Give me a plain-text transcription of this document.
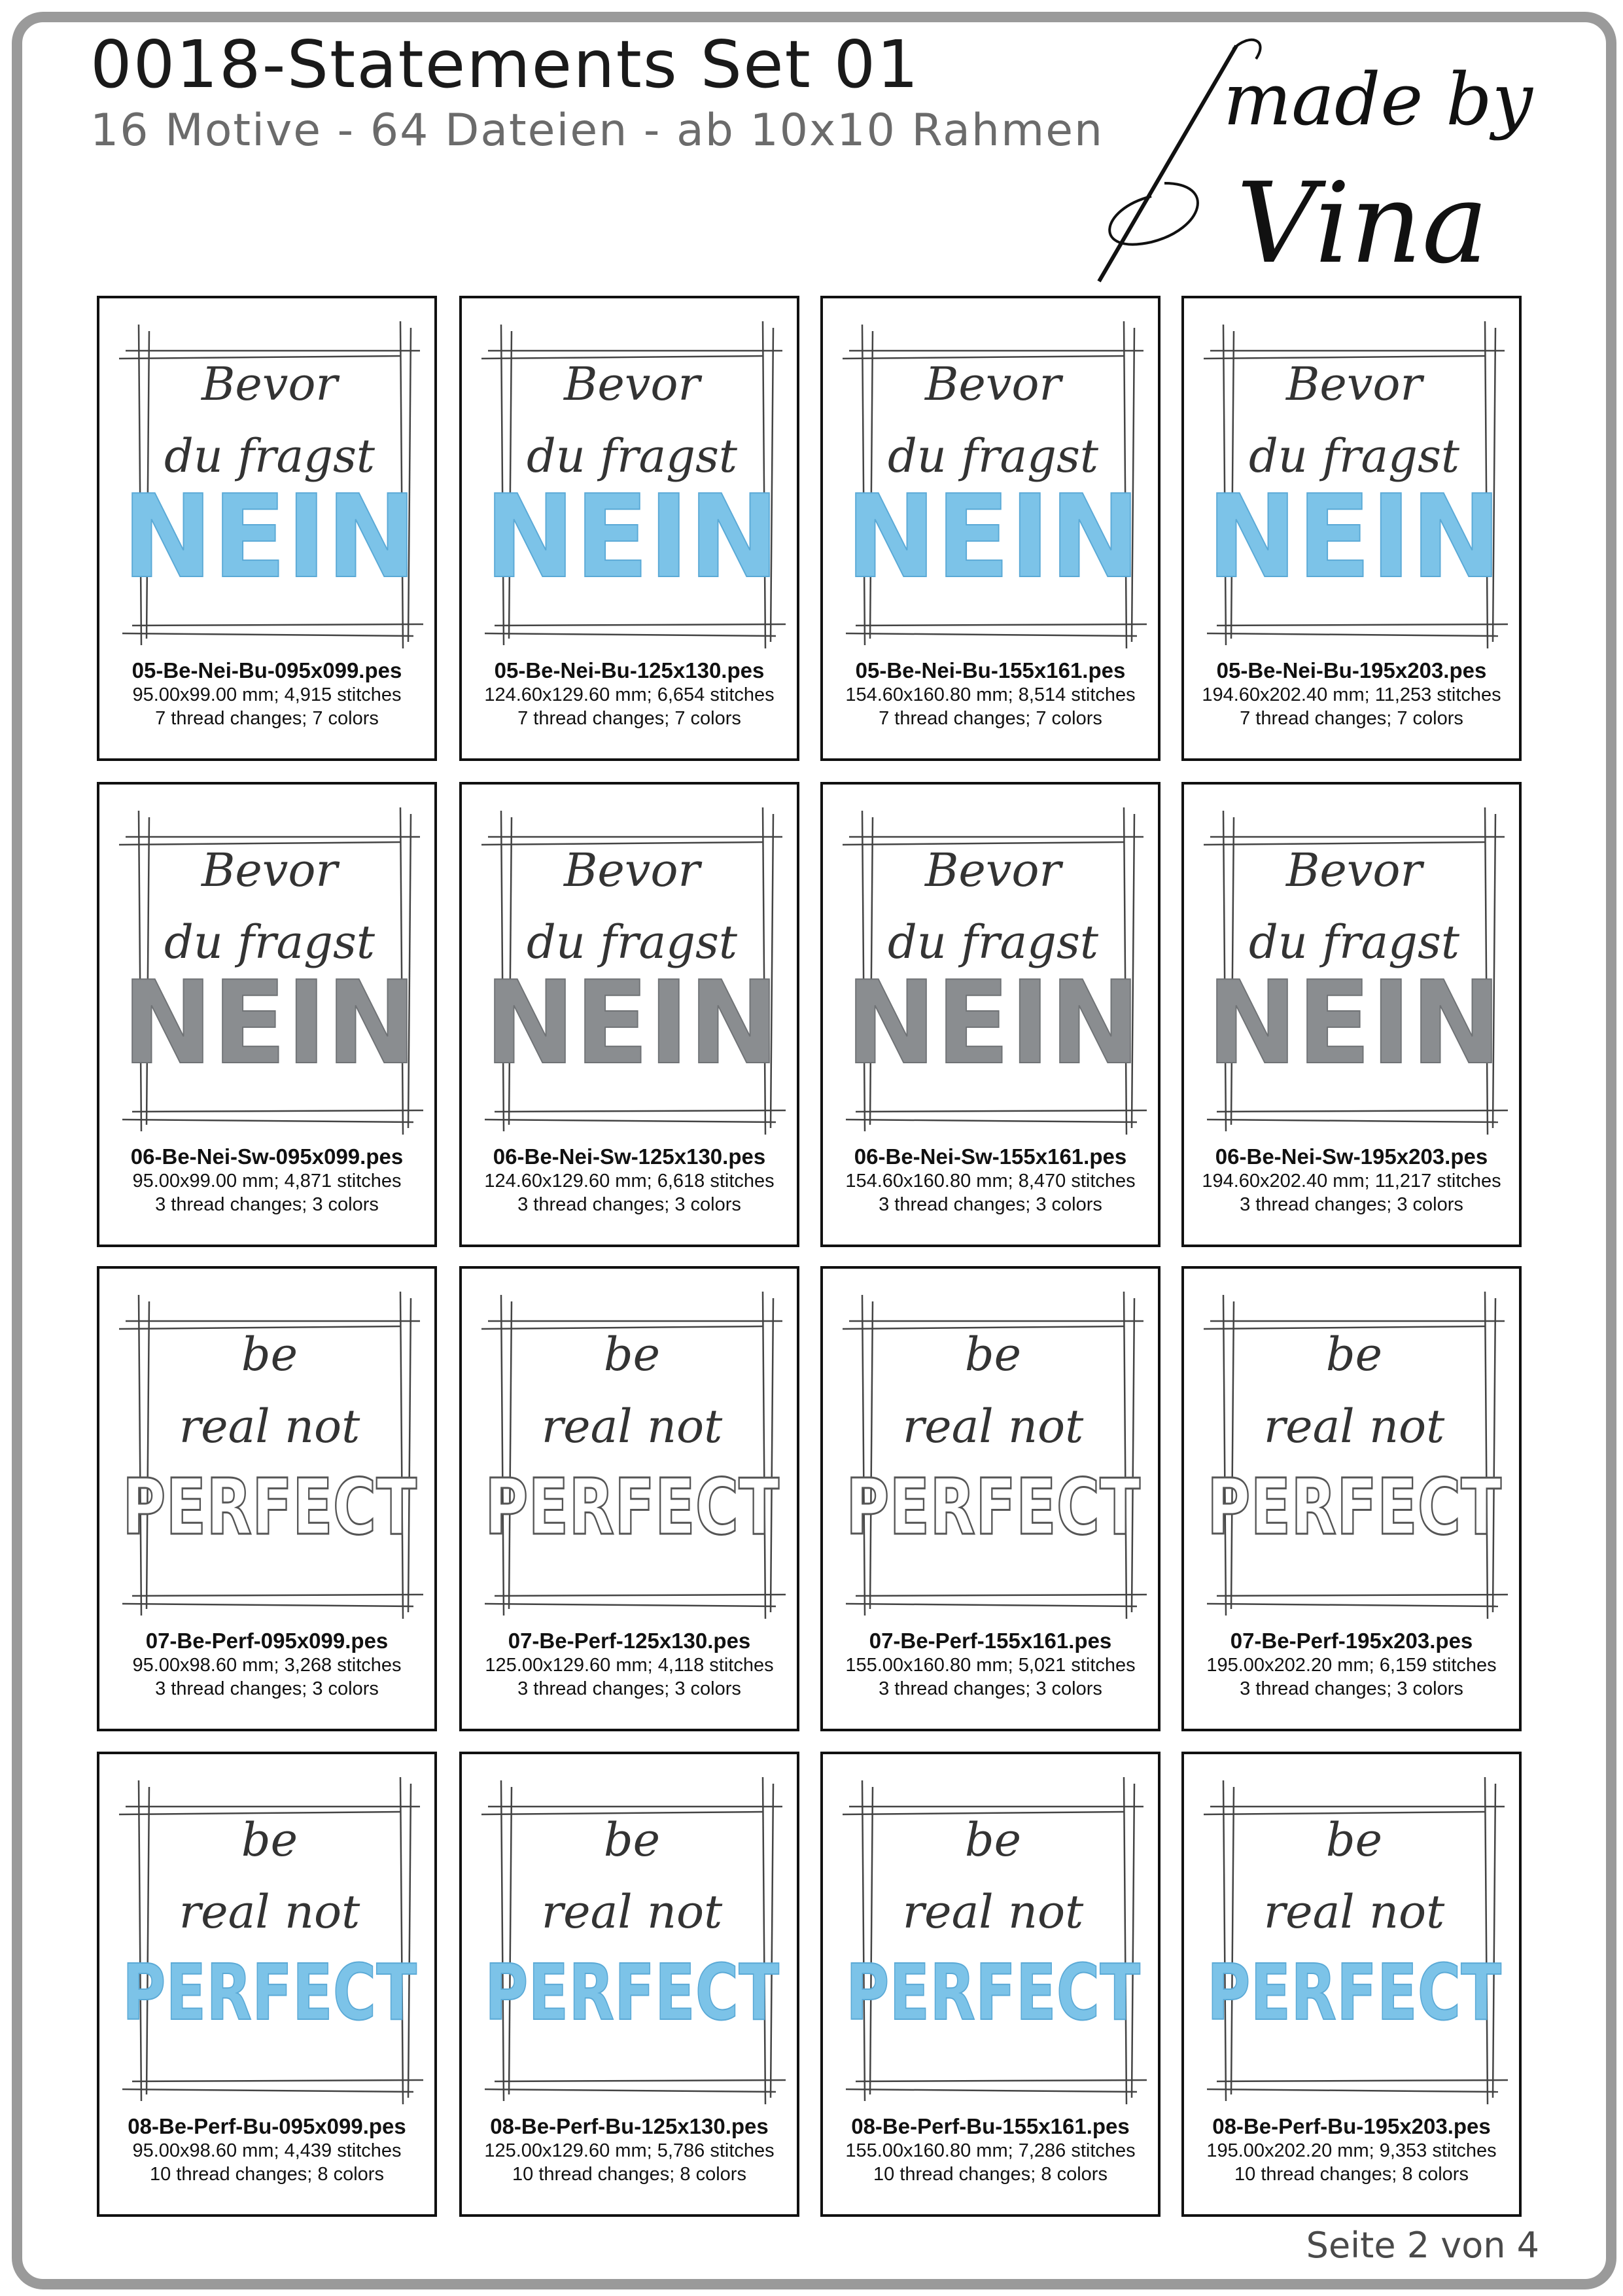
0018-Statements Set 01
16 Motive - 64 Dateien - ab 10x10 Rahmen made by
Vina
Bevor
du fragst
NEIN
05-Be-Nei-Bu-095x099.pes
95.00x99.00 mm; 4,915 stitches
7 thread changes; 7 colors
Bevor
du fragst
NEIN
05-Be-Nei-Bu-125x130.pes
124.60x129.60 mm; 6,654 stitches
7 thread changes; 7 colors
Bevor
du fragst
NEIN
05-Be-Nei-Bu-155x161.pes
154.60x160.80 mm; 8,514 stitches
7 thread changes; 7 colors
Bevor
du fragst
NEIN
05-Be-Nei-Bu-195x203.pes
194.60x202.40 mm; 11,253 stitches
7 thread changes; 7 colors
Bevor
du fragst
NEIN
06-Be-Nei-Sw-095x099.pes
95.00x99.00 mm; 4,871 stitches
3 thread changes; 3 colors
Bevor
du fragst
NEIN
06-Be-Nei-Sw-125x130.pes
124.60x129.60 mm; 6,618 stitches
3 thread changes; 3 colors
Bevor
du fragst
NEIN
06-Be-Nei-Sw-155x161.pes
154.60x160.80 mm; 8,470 stitches
3 thread changes; 3 colors
Bevor
du fragst
NEIN
06-Be-Nei-Sw-195x203.pes
194.60x202.40 mm; 11,217 stitches
3 thread changes; 3 colors
be
real not
PERFECT
07-Be-Perf-095x099.pes
95.00x98.60 mm; 3,268 stitches
3 thread changes; 3 colors
be
real not
PERFECT
07-Be-Perf-125x130.pes
125.00x129.60 mm; 4,118 stitches
3 thread changes; 3 colors
be
real not
PERFECT
07-Be-Perf-155x161.pes
155.00x160.80 mm; 5,021 stitches
3 thread changes; 3 colors
be
real not
PERFECT
07-Be-Perf-195x203.pes
195.00x202.20 mm; 6,159 stitches
3 thread changes; 3 colors
be
real not
PERFECT
08-Be-Perf-Bu-095x099.pes
95.00x98.60 mm; 4,439 stitches
10 thread changes; 8 colors
be
real not
PERFECT
08-Be-Perf-Bu-125x130.pes
125.00x129.60 mm; 5,786 stitches
10 thread changes; 8 colors
be
real not
PERFECT
08-Be-Perf-Bu-155x161.pes
155.00x160.80 mm; 7,286 stitches
10 thread changes; 8 colors
be
real not
PERFECT
08-Be-Perf-Bu-195x203.pes
195.00x202.20 mm; 9,353 stitches
10 thread changes; 8 colors
Seite 2 von 4
